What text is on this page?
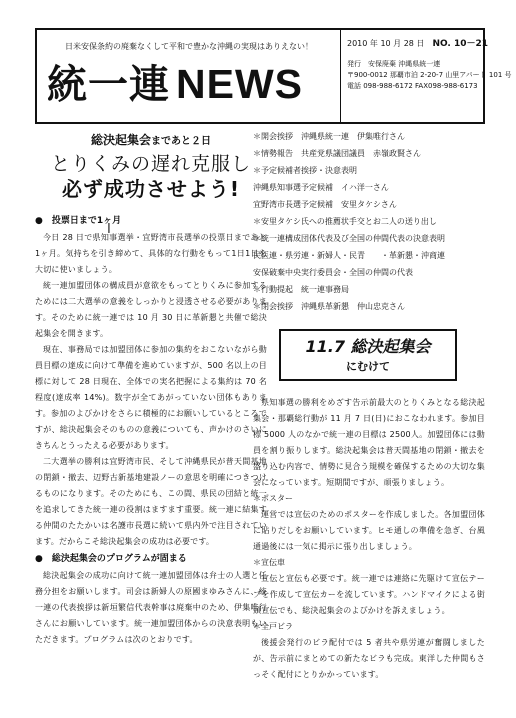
日米安保条約の廃棄なくして平和で豊かな沖縄の実現はありえない！
統一連 NEWS
2010 年 10 月 28 日　 NO. 10－21
発行　安保廃棄 沖縄県統一連
〒900-0012 那覇市泊 2-20-7 山里アパート 101 号
電話 098-988-6172 FAX098-988-6173
総決起集会まであと２日
とりくみの遅れ克服し
必ず成功させよう!
I

●　投票日まで1ヶ月

今日 28 日で県知事選挙・宜野湾市長選挙の投票日まであと1ヶ月。気持ちを引き締めて、具体的な行動をもって1日1日を大切に使いましょう。

統一連加盟団体の構成員が意欲をもってとりくみに参加するためには二大選挙の意義をしっかりと浸透させる必要があります。そのために統一連では 10 月 30 日に革新懇と共催で総決起集会を開きます。

現在、事務局では加盟団体に参加の集約をおこないながら動員目標の達成に向けて準備を進めていますが、500 名以上の目標に対して 28 日現在、全体での実名把握による集約は 70 名程度(達成率 14%)。数字が全てあがっていない団体もあります。参加のよびかけをさらに積極的にお願いしているところですが、総決起集会そのものの意義についても、声かけのさいにきちんとうったえる必要があります。

二大選挙の勝利は宜野湾市民、そして沖縄県民が普天間基地の閉鎖・撤去、辺野古新基地建設ノーの意思を明確につきつけるものになります。そのためにも、この間、県民の団結と統一を追求してきた統一連の役割はますます重要。統一連に結集する仲間のたたかいは名護市長選に続いて県内外で注目されています。だからこそ総決起集会の成功は必要です。

●　総決起集会のプログラムが固まる

総決起集会の成功に向けて統一連加盟団体は弁士の人選と任務分担をお願いします。司会は新婦人の原國まゆみさんに、統一連の代表挨拶は新垣繁信代表幹事は廃棄中のため、伊集唯行さんにお願いしています。統一連加盟団体からの決意表明もいただきます。プログラムは次のとおりです。

＊開会挨拶　沖縄県統一連　伊集唯行さん
＊情勢報告　共産党県議団議員　赤嶺政賢さん
＊予定候補者挨拶・決意表明
沖縄県知事選予定候補　イハ洋一さん
宜野湾市長選予定候補　安里タケシさん
＊安里タケシ氏への推薦状手交とお二人の送り出し
＊統一連構成団体代表及び全国の仲間代表の決意表明
民医連・県労連・新婦人・民青　　・革新懇・沖商連
安保破棄中央実行委員会・全国の仲間の代表
＊行動提起　統一連事務局
＊閉会挨拶　沖縄県革新懇　仲山忠克さん
11.7 総決起集会
にむけて

県知事選の勝利をめざす告示前最大のとりくみとなる総決起集会・那覇総行動が 11 月 7 日(日)におこなわれます。参加目標 5000 人のなかで統一連の目標は 2500人。加盟団体には動員を割り振りします。総決起集会は普天間基地の閉鎖・撤去を盛り込む内容で、情勢に見合う規模を確保するための大切な集会になっています。短期間ですが、頑張りましょう。

＊ポスター

運営では宣伝のためのポスターを作成しました。各加盟団体に貼りだしをお願いしています。ヒモ通しの準備を急ぎ、台風通過後には一気に掲示に張り出しましょう。

＊宣伝車

宣伝と宣伝も必要です。統一連では連絡に先駆けて宣伝テープを作成して宣伝カーを流しています。ハンドマイクによる街頭宣伝でも、総決起集会のよびかけを訴えましょう。

＊全戸ビラ

後援会発行のビラ配付では 5 者共や県労連が奮闘しましたが、告示前にまとめての新たなビラも完成。東洋した仲間もさっそく配付にとりかかっています。
